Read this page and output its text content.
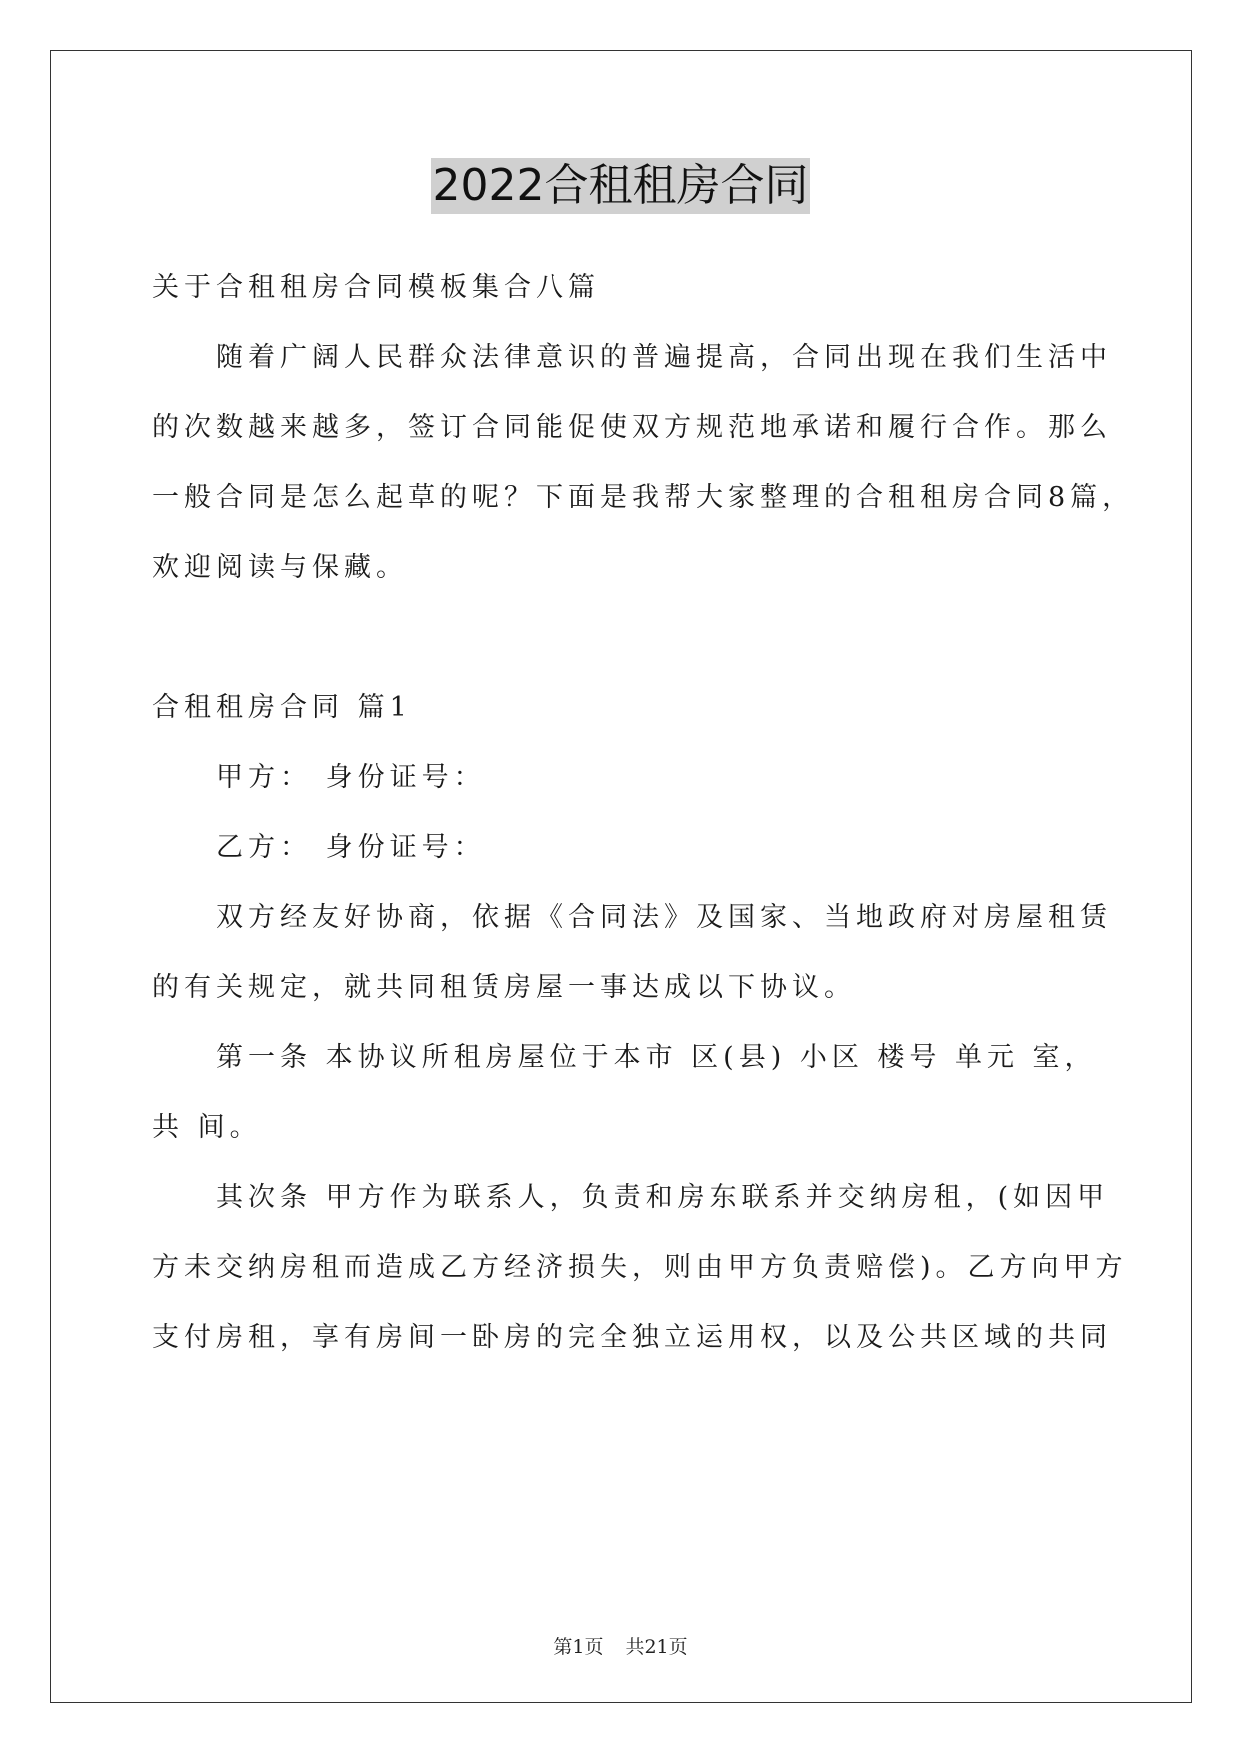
2022合租租房合同
关于合租租房合同模板集合八篇
随着广阔人民群众法律意识的普遍提高，合同出现在我们生活中
的次数越来越多，签订合同能促使双方规范地承诺和履行合作。那么
一般合同是怎么起草的呢？下面是我帮大家整理的合租租房合同8篇，
欢迎阅读与保藏。
合租租房合同 篇1
甲方： 身份证号：
乙方： 身份证号：
双方经友好协商，依据《合同法》及国家、当地政府对房屋租赁
的有关规定，就共同租赁房屋一事达成以下协议。
第一条 本协议所租房屋位于本市 区(县) 小区 楼号 单元 室，
共 间。
其次条 甲方作为联系人，负责和房东联系并交纳房租，(如因甲
方未交纳房租而造成乙方经济损失，则由甲方负责赔偿)。乙方向甲方
支付房租，享有房间一卧房的完全独立运用权，以及公共区域的共同
第1页 共21页
